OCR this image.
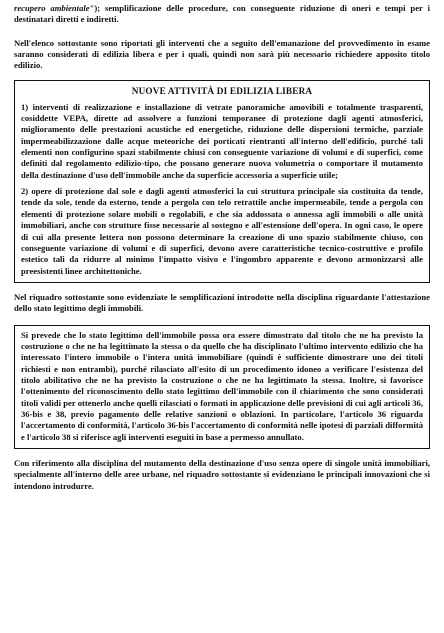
recupero ambientale"); semplificazione delle procedure, con conseguente riduzione di oneri e tempi per i destinatari diretti e indiretti.

Nell'elenco sottostante sono riportati gli interventi che a seguito dell'emanazione del provvedimento in esame saranno considerati di edilizia libera e per i quali, quindi non sarà più necessario richiedere apposito titolo edilizio.

NUOVE ATTIVITÀ DI EDILIZIA LIBERA

1) interventi di realizzazione e installazione di vetrate panoramiche amovibili e totalmente trasparenti, cosiddette VEPA, dirette ad assolvere a funzioni temporanee di protezione dagli agenti atmosferici, miglioramento delle prestazioni acustiche ed energetiche, riduzione delle dispersioni termiche, parziale impermeabilizzazione dalle acque meteoriche dei porticati rientranti all'interno dell'edificio, purché tali elementi non configurino spazi stabilmente chiusi con conseguente variazione di volumi e di superfici, come definiti dal regolamento edilizio-tipo, che possano generare nuova volumetria o comportare il mutamento della destinazione d'uso dell'immobile anche da superficie accessoria a superficie utile;

2) opere di protezione dal sole e dagli agenti atmosferici la cui struttura principale sia costituita da tende, tende da sole, tende da esterno, tende a pergola con telo retrattile anche impermeabile, tende a pergola con elementi di protezione solare mobili o regolabili, e che sia addossata o annessa agli immobili o alle unità immobiliari, anche con strutture fisse necessarie al sostegno e all'estensione dell'opera. In ogni caso, le opere di cui alla presente lettera non possono determinare la creazione di uno spazio stabilmente chiuso, con conseguente variazione di volumi e di superfici, devono avere caratteristiche tecnico-costruttive e profilo estetico tali da ridurre al minimo l'impatto visivo e l'ingombro apparente e devono armonizzarsi alle preesistenti linee architettoniche.

Nel riquadro sottostante sono evidenziate le semplificazioni introdotte nella disciplina riguardante l'attestazione dello stato legittimo degli immobili.

Si prevede che lo stato legittimo dell'immobile possa ora essere dimostrato dal titolo che ne ha previsto la costruzione o che ne ha legittimato la stessa o da quello che ha disciplinato l'ultimo intervento edilizio che ha interessato l'intero immobile o l'intera unità immobiliare (quindi è sufficiente dimostrare uno dei titoli richiesti e non entrambi), purché rilasciato all'esito di un procedimento idoneo a verificare l'esistenza del titolo abilitativo che ne ha previsto la costruzione o che ne ha legittimato la stessa. Inoltre, si favorisce l'ottenimento del riconoscimento dello stato legittimo dell'immobile con il chiarimento che sono considerati titoli validi per ottenerlo anche quelli rilasciati o formati in applicazione delle previsioni di cui agli articoli 36, 36-bis e 38, previo pagamento delle relative sanzioni o oblazioni. In particolare, l'articolo 36 riguarda l'accertamento di conformità, l'articolo 36-bis l'accertamento di conformità nelle ipotesi di parziali difformità e l'articolo 38 si riferisce agli interventi eseguiti in base a permesso annullato.

Con riferimento alla disciplina del mutamento della destinazione d'uso senza opere di singole unità immobiliari, specialmente all'interno delle aree urbane, nel riquadro sottostante si evidenziano le principali innovazioni che si intendono introdurre.
